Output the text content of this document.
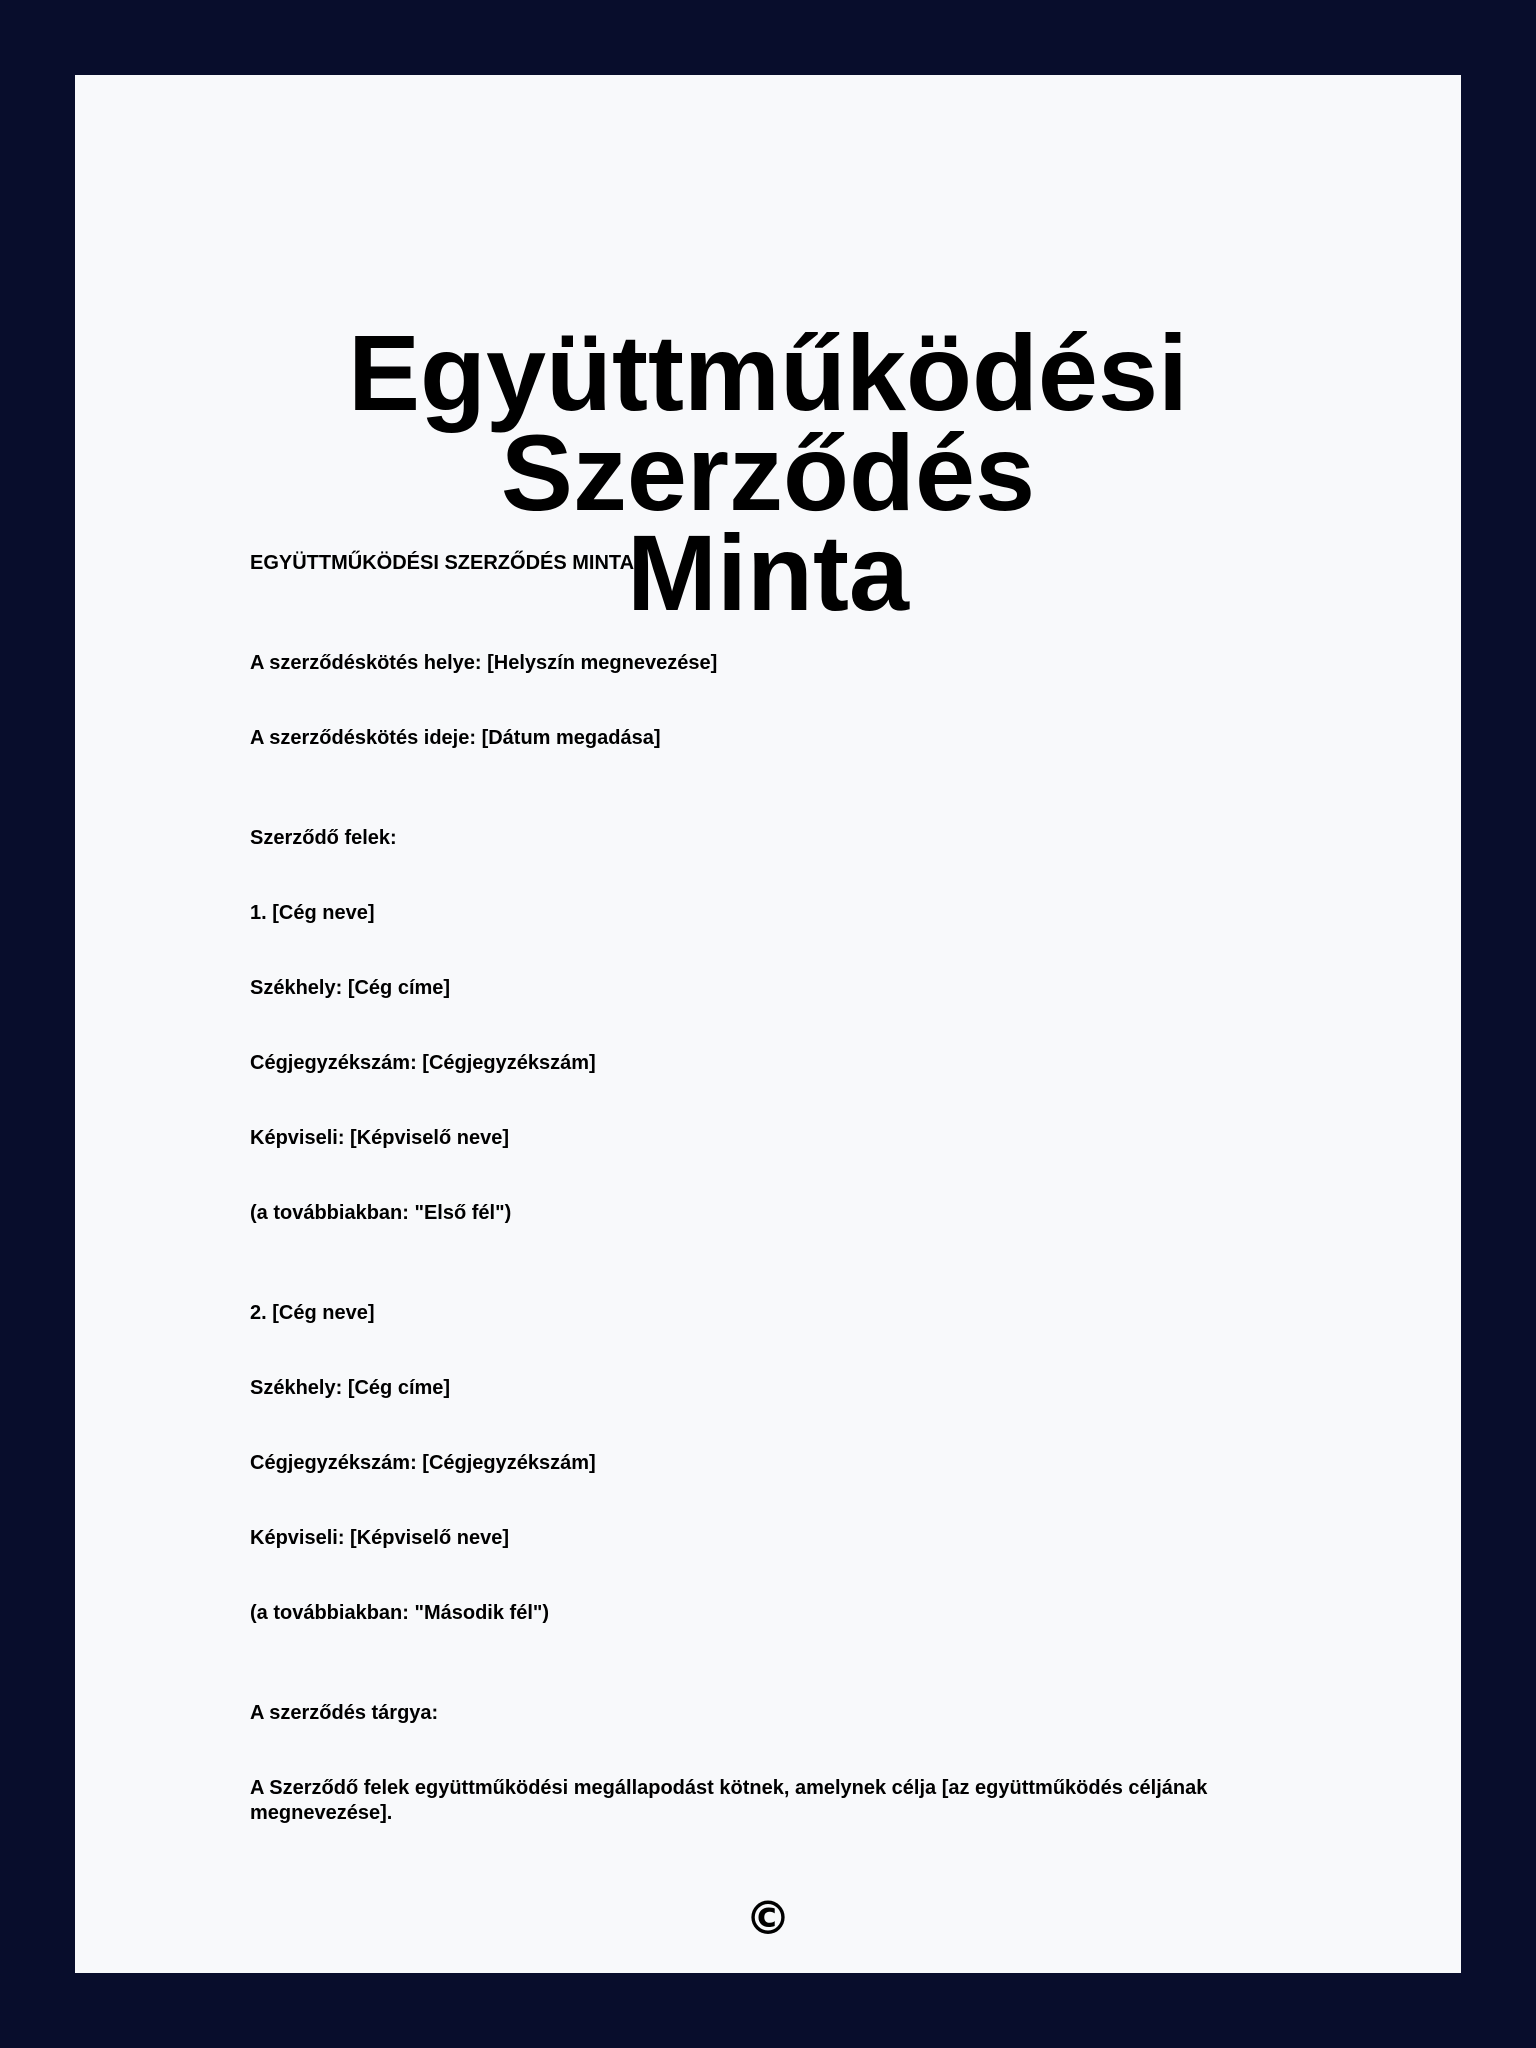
Együttműködési Szerződés
Minta

EGYÜTTMŰKÖDÉSI SZERZŐDÉS MINTA

A szerződéskötés helye: [Helyszín megnevezése]

A szerződéskötés ideje: [Dátum megadása]

Szerződő felek:

1. [Cég neve]

Székhely: [Cég címe]

Cégjegyzékszám: [Cégjegyzékszám]

Képviseli: [Képviselő neve]

(a továbbiakban: "Első fél")

2. [Cég neve]

Székhely: [Cég címe]

Cégjegyzékszám: [Cégjegyzékszám]

Képviseli: [Képviselő neve]

(a továbbiakban: "Második fél")

A szerződés tárgya:

A Szerződő felek együttműködési megállapodást kötnek, amelynek célja [az együttműködés céljának megnevezése].

©
